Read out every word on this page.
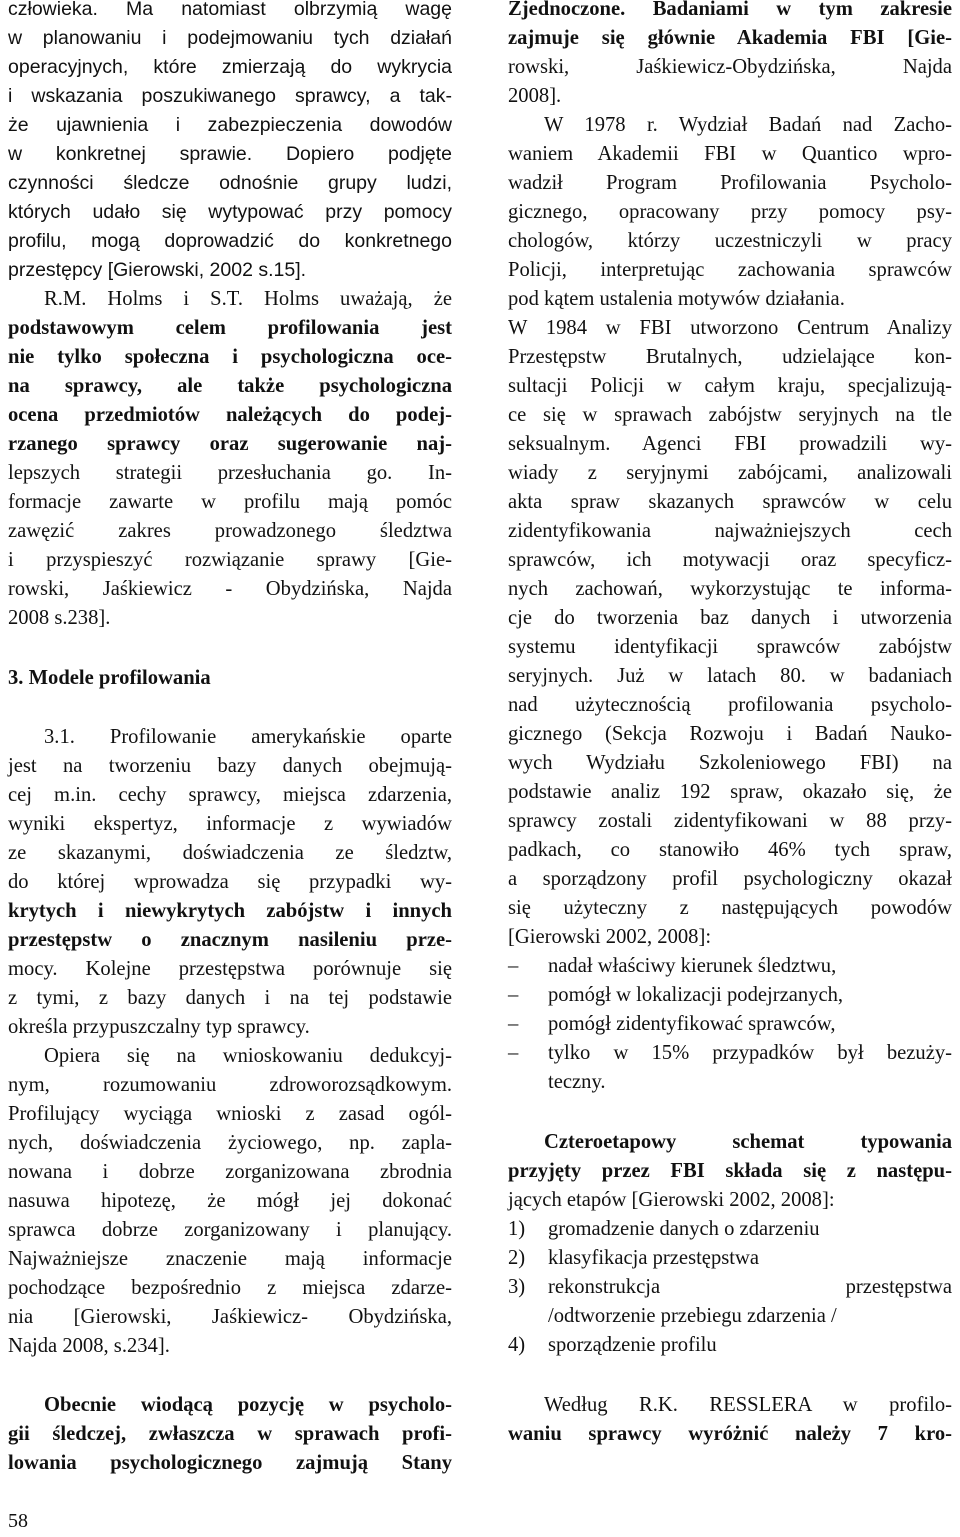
człowieka. Ma natomiast olbrzymią wagę
w planowaniu i podejmowaniu tych działań
operacyjnych, które zmierzają do wykrycia
i wskazania poszukiwanego sprawcy, a tak-
że ujawnienia i zabezpieczenia dowodów
w konkretnej sprawie. Dopiero podjęte
czynności śledcze odnośnie grupy ludzi,
których udało się wytypować przy pomocy
profilu, mogą doprowadzić do konkretnego
przestępcy [Gierowski, 2002 s.15].
R.M. Holms i S.T. Holms uważają, że
podstawowym celem profilowania jest
nie tylko społeczna i psychologiczna oce-
na sprawcy, ale także psychologiczna
ocena przedmiotów należących do podej-
rzanego sprawcy oraz sugerowanie naj-
lepszych strategii przesłuchania go. In-
formacje zawarte w profilu mają pomóc
zawęzić zakres prowadzonego śledztwa
i przyspieszyć rozwiązanie sprawy [Gie-
rowski, Jaśkiewicz - Obydzińska, Najda
2008 s.238].
3. Modele profilowania
3.1. Profilowanie amerykańskie oparte
jest na tworzeniu bazy danych obejmują-
cej m.in. cechy sprawcy, miejsca zdarzenia,
wyniki ekspertyz, informacje z wywiadów
ze skazanymi, doświadczenia ze śledztw,
do której wprowadza się przypadki wy-
krytych i niewykrytych zabójstw i innych
przestępstw o znacznym nasileniu prze-
mocy. Kolejne przestępstwa porównuje się
z tymi, z bazy danych i na tej podstawie
określa przypuszczalny typ sprawcy.
Opiera się na wnioskowaniu dedukcyj-
nym, rozumowaniu zdroworozsądkowym.
Profilujący wyciąga wnioski z zasad ogól-
nych, doświadczenia życiowego, np. zapla-
nowana i dobrze zorganizowana zbrodnia
nasuwa hipotezę, że mógł jej dokonać
sprawca dobrze zorganizowany i planujący.
Najważniejsze znaczenie mają informacje
pochodzące bezpośrednio z miejsca zdarze-
nia [Gierowski, Jaśkiewicz- Obydzińska,
Najda 2008, s.234].
Obecnie wiodącą pozycję w psycholo-
gii śledczej, zwłaszcza w sprawach profi-
lowania psychologicznego zajmują Stany
Zjednoczone. Badaniami w tym zakresie
zajmuje się głównie Akademia FBI [Gie-
rowski, Jaśkiewicz-Obydzińska, Najda
2008].
W 1978 r. Wydział Badań nad Zacho-
waniem Akademii FBI w Quantico wpro-
wadził Program Profilowania Psycholo-
gicznego, opracowany przy pomocy psy-
chologów, którzy uczestniczyli w pracy
Policji, interpretując zachowania sprawców
pod kątem ustalenia motywów działania.
W 1984 w FBI utworzono Centrum Analizy
Przestępstw Brutalnych, udzielające kon-
sultacji Policji w całym kraju, specjalizują-
ce się w sprawach zabójstw seryjnych na tle
seksualnym. Agenci FBI prowadzili wy-
wiady z seryjnymi zabójcami, analizowali
akta spraw skazanych sprawców w celu
zidentyfikowania najważniejszych cech
sprawców, ich motywacji oraz specyficz-
nych zachowań, wykorzystując te informa-
cje do tworzenia baz danych i utworzenia
systemu identyfikacji sprawców zabójstw
seryjnych. Już w latach 80. w badaniach
nad użytecznością profilowania psycholo-
gicznego (Sekcja Rozwoju i Badań Nauko-
wych Wydziału Szkoleniowego FBI) na
podstawie analiz 192 spraw, okazało się, że
sprawcy zostali zidentyfikowani w 88 przy-
padkach, co stanowiło 46% tych spraw,
a sporządzony profil psychologiczny okazał
się użyteczny z następujących powodów
[Gierowski 2002, 2008]:
– nadał właściwy kierunek śledztwu,
– pomógł w lokalizacji podejrzanych,
– pomógł zidentyfikować sprawców,
– tylko w 15% przypadków był bezuży-
teczny.
Czteroetapowy schemat typowania
przyjęty przez FBI składa się z następu-
jących etapów [Gierowski 2002, 2008]:
1) gromadzenie danych o zdarzeniu
2) klasyfikacja przestępstwa
3) rekonstrukcja przestępstwa
/odtworzenie przebiegu zdarzenia /
4) sporządzenie profilu
Według R.K. RESSLERA w profilo-
waniu sprawcy wyróżnić należy 7 kro-
58
